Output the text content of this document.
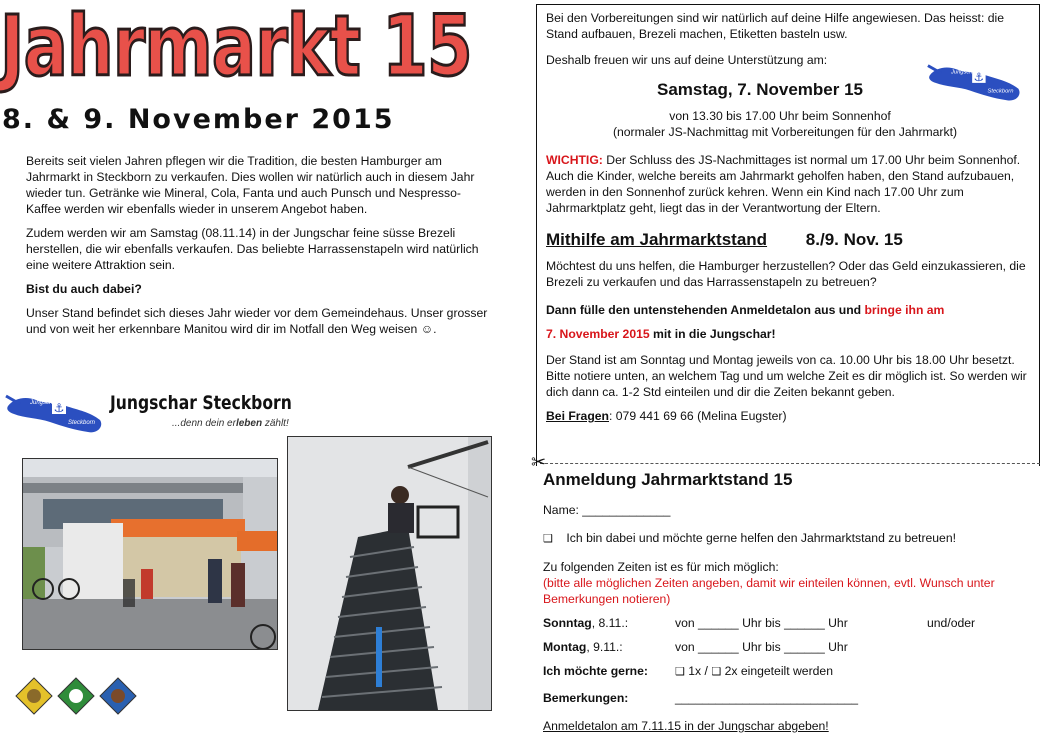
Jahrmarkt 15
8. & 9. November 2015

Bereits seit vielen Jahren pflegen wir die Tradition, die besten Hamburger am Jahrmarkt in Steckborn zu verkaufen. Dies wollen wir natürlich auch in diesem Jahr wieder tun. Getränke wie Mineral, Cola, Fanta und auch Punsch und Nespresso-Kaffee werden wir ebenfalls wieder in unserem Angebot haben.

Zudem werden wir am Samstag (08.11.14) in der Jungschar feine süsse Brezeli herstellen, die wir ebenfalls verkaufen. Das beliebte Harrassenstapeln wird natürlich eine weitere Attraktion sein.

Bist du auch dabei?

Unser Stand befindet sich dieses Jahr wieder vor dem Gemeindehaus. Unser grosser und von weit her erkennbare Manitou wird dir im Notfall den Weg weisen ☺.

⚓
Jungschar
Steckborn
Jungschar Steckborn
...denn dein erleben zählt!

Bei den Vorbereitungen sind wir natürlich auf deine Hilfe angewiesen. Das heisst: die Stand aufbauen, Brezeli machen, Etiketten basteln usw.

Deshalb freuen wir uns auf deine Unterstützung am:

Samstag, 7. November 15

von 13.30 bis 17.00 Uhr beim Sonnenhof

(normaler JS-Nachmittag mit Vorbereitungen für den Jahrmarkt)

WICHTIG: Der Schluss des JS-Nachmittages ist normal um 17.00 Uhr beim Sonnenhof. Auch die Kinder, welche bereits am Jahrmarkt geholfen haben, den Stand aufzubauen, werden in den Sonnenhof zurück kehren. Wenn ein Kind nach 17.00 Uhr zum Jahrmarktplatz geht, liegt das in der Verantwortung der Eltern.

Mithilfe am Jahrmarktstand 8./9. Nov. 15

Möchtest du uns helfen, die Hamburger herzustellen? Oder das Geld einzukassieren, die Brezeli zu verkaufen und das Harrassenstapeln zu betreuen?

Dann fülle den untenstehenden Anmeldetalon aus und bringe ihn am
7. November 2015 mit in die Jungschar!

Der Stand ist am Sonntag und Montag jeweils von ca. 10.00 Uhr bis 18.00 Uhr besetzt. Bitte notiere unten, an welchem Tag und um welche Zeit es dir möglich ist. So werden wir dich dann ca. 1-2 Std einteilen und dir die Zeiten bekannt geben.

Bei Fragen: 079 441 69 66 (Melina Eugster)

⚓
Jungschar
Steckborn
✂
Anmeldung Jahrmarktstand 15
Name: _____________
❑ Ich bin dabei und möchte gerne helfen den Jahrmarktstand zu betreuen!
Zu folgenden Zeiten ist es für mich möglich:

(bitte alle möglichen Zeiten angeben, damit wir einteilen können, evtl. Wunsch unter Bemerkungen notieren)

Sonntag, 8.11.:	von ______ Uhr bis ______ Uhr	und/oder
Montag, 9.11.:	von ______ Uhr bis ______ Uhr
Ich möchte gerne: ❑ 1x / ❑ 2x eingeteilt werden
Bemerkungen:	___________________________
Anmeldetalon am 7.11.15 in der Jungschar abgeben!
